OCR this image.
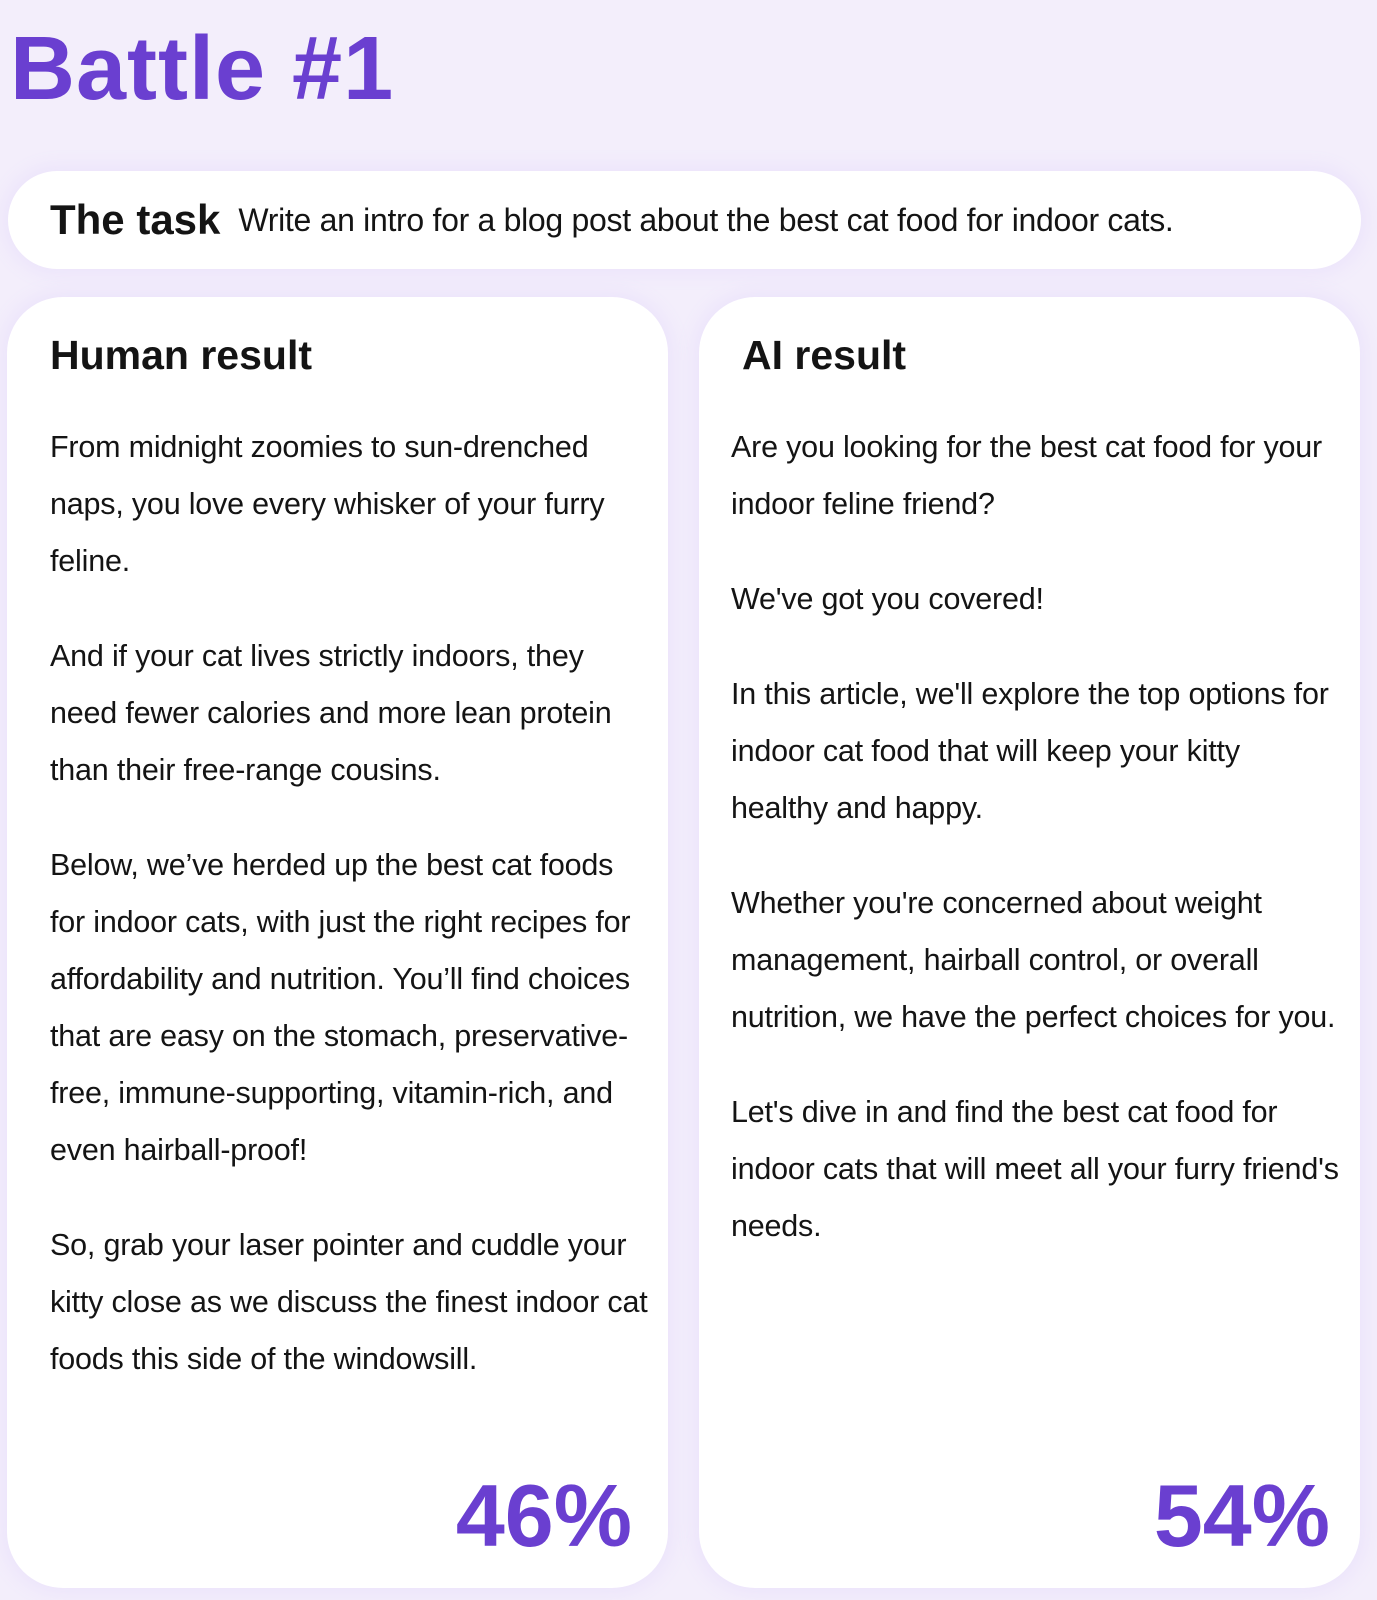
Battle #1
The task Write an intro for a blog post about the best cat food for indoor cats.
Human result

From midnight zoomies to sun-drenched naps, you love every whisker of your furry feline.

And if your cat lives strictly indoors, they need fewer calories and more lean protein than their free-range cousins.

Below, we’ve herded up the best cat foods for indoor cats, with just the right recipes for affordability and nutrition. You’ll find choices that are easy on the stomach, preservative-free, immune-supporting, vitamin-rich, and even hairball-proof!

So, grab your laser pointer and cuddle your kitty close as we discuss the finest indoor cat foods this side of the windowsill.

46%
AI result

Are you looking for the best cat food for your indoor feline friend?

We've got you covered!

In this article, we'll explore the top options for indoor cat food that will keep your kitty healthy and happy.

Whether you're concerned about weight management, hairball control, or overall nutrition, we have the perfect choices for you.

Let's dive in and find the best cat food for indoor cats that will meet all your furry friend's needs.

54%
